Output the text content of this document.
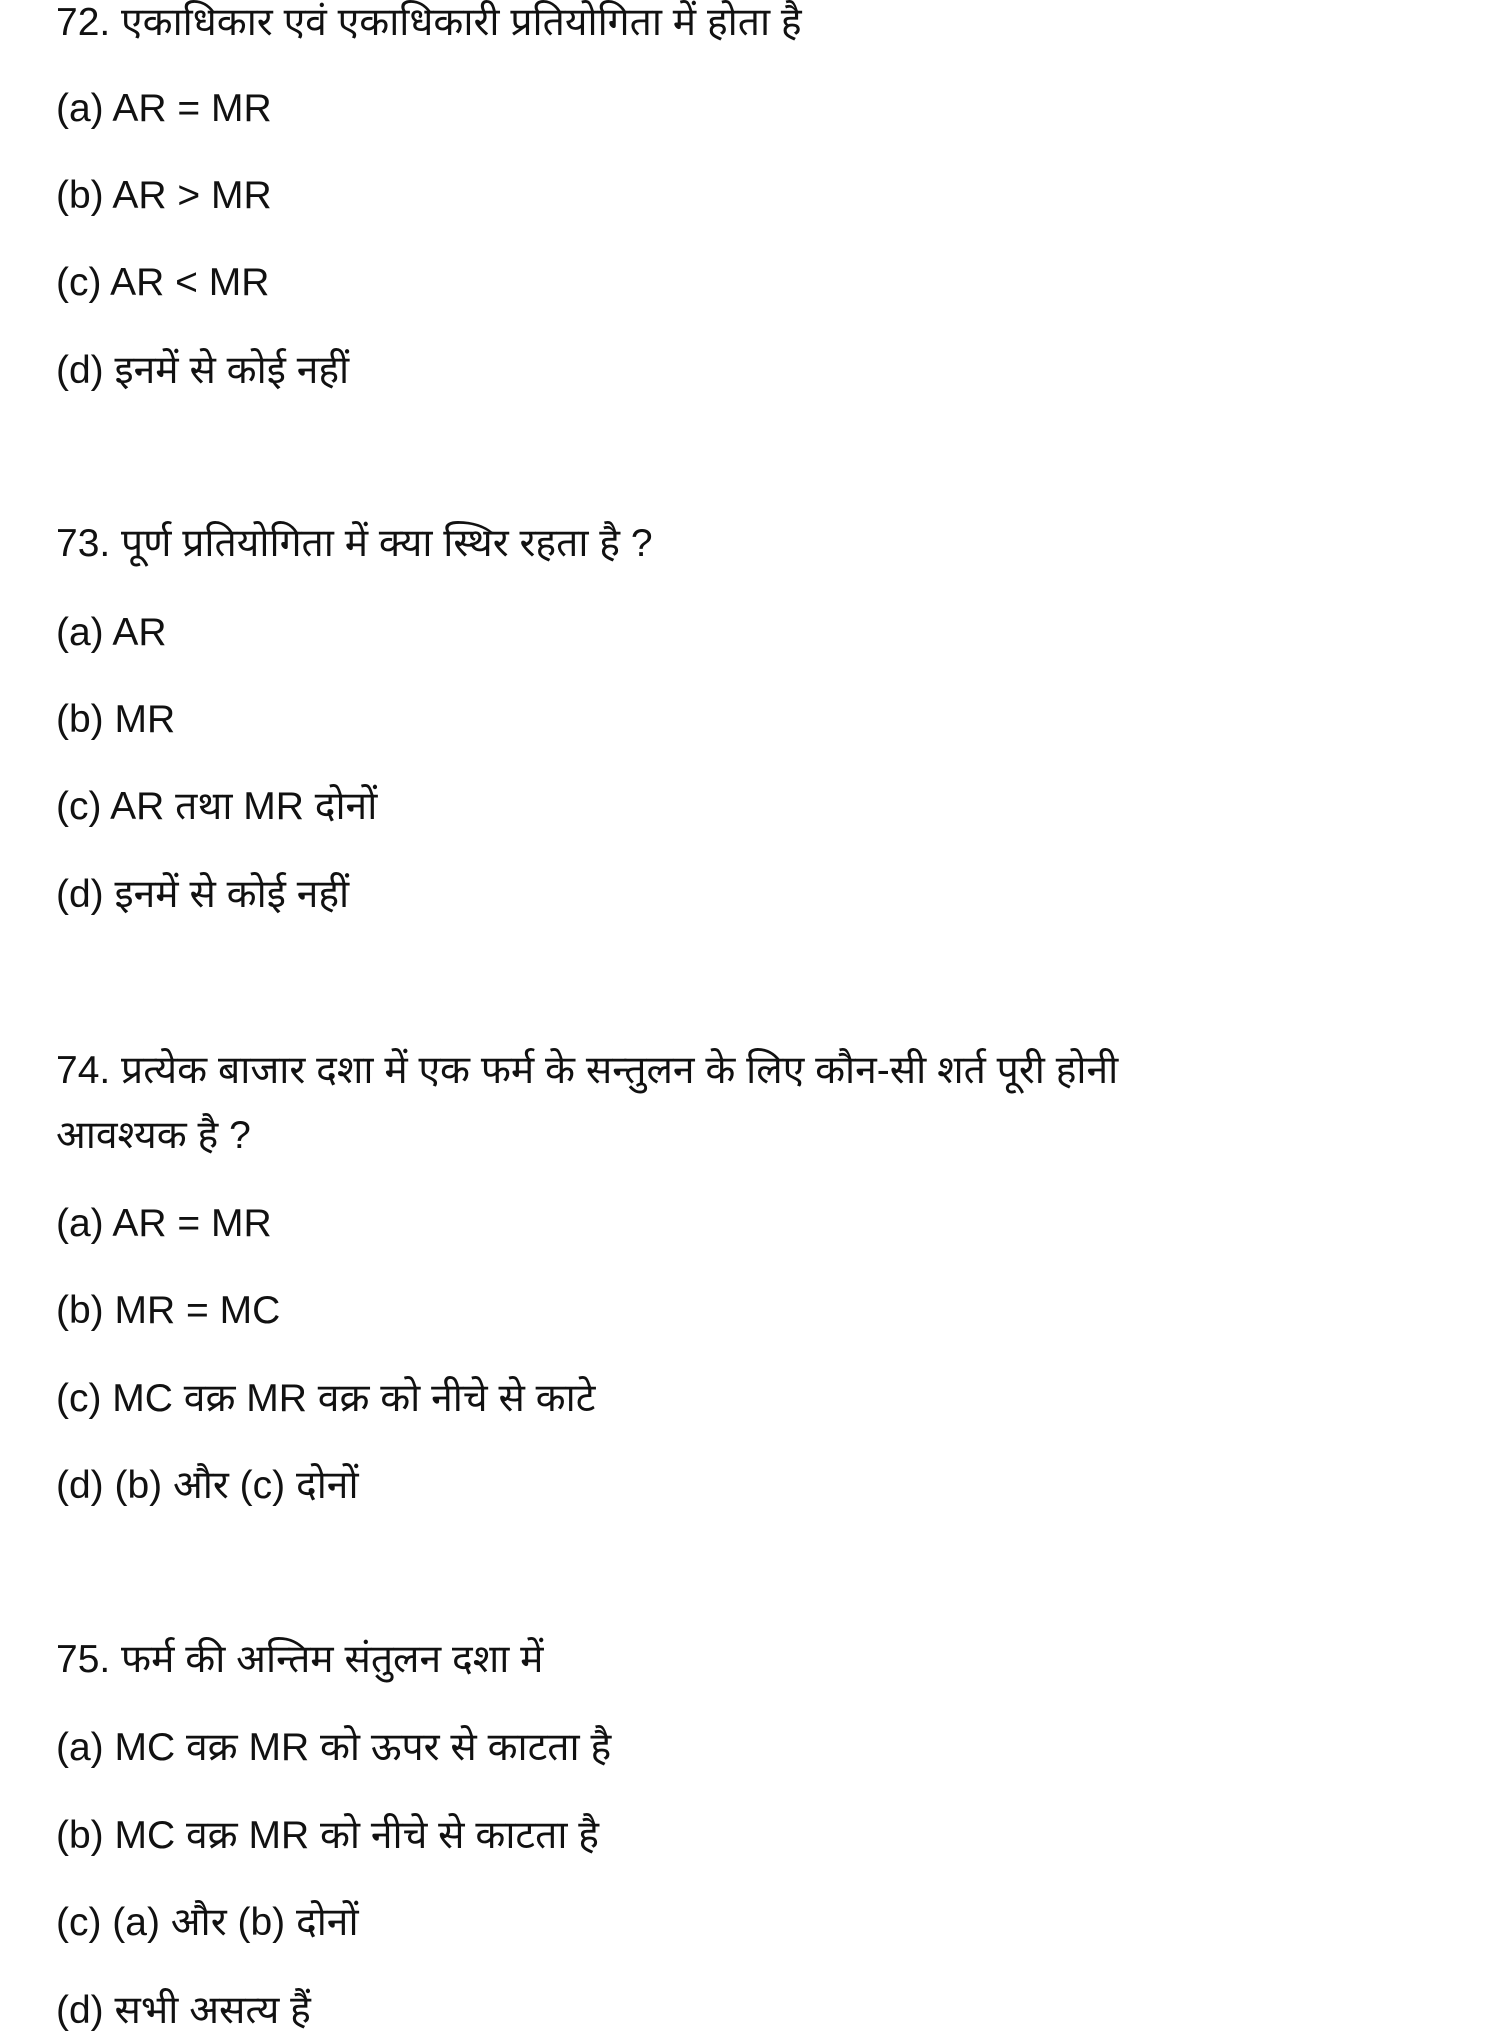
72. एकाधिकार एवं एकाधिकारी प्रतियोगिता में होता है
(a) AR = MR
(b) AR > MR
(c) AR < MR
(d) इनमें से कोई नहीं
73. पूर्ण प्रतियोगिता में क्या स्थिर रहता है ?
(a) AR
(b) MR
(c) AR तथा MR दोनों
(d) इनमें से कोई नहीं
74. प्रत्येक बाजार दशा में एक फर्म के सन्तुलन के लिए कौन-सी शर्त पूरी होनी
आवश्यक है ?
(a) AR = MR
(b) MR = MC
(c) MC वक्र MR वक्र को नीचे से काटे
(d) (b) और (c) दोनों
75. फर्म की अन्तिम संतुलन दशा में
(a) MC वक्र MR को ऊपर से काटता है
(b) MC वक्र MR को नीचे से काटता है
(c) (a) और (b) दोनों
(d) सभी असत्य हैं
